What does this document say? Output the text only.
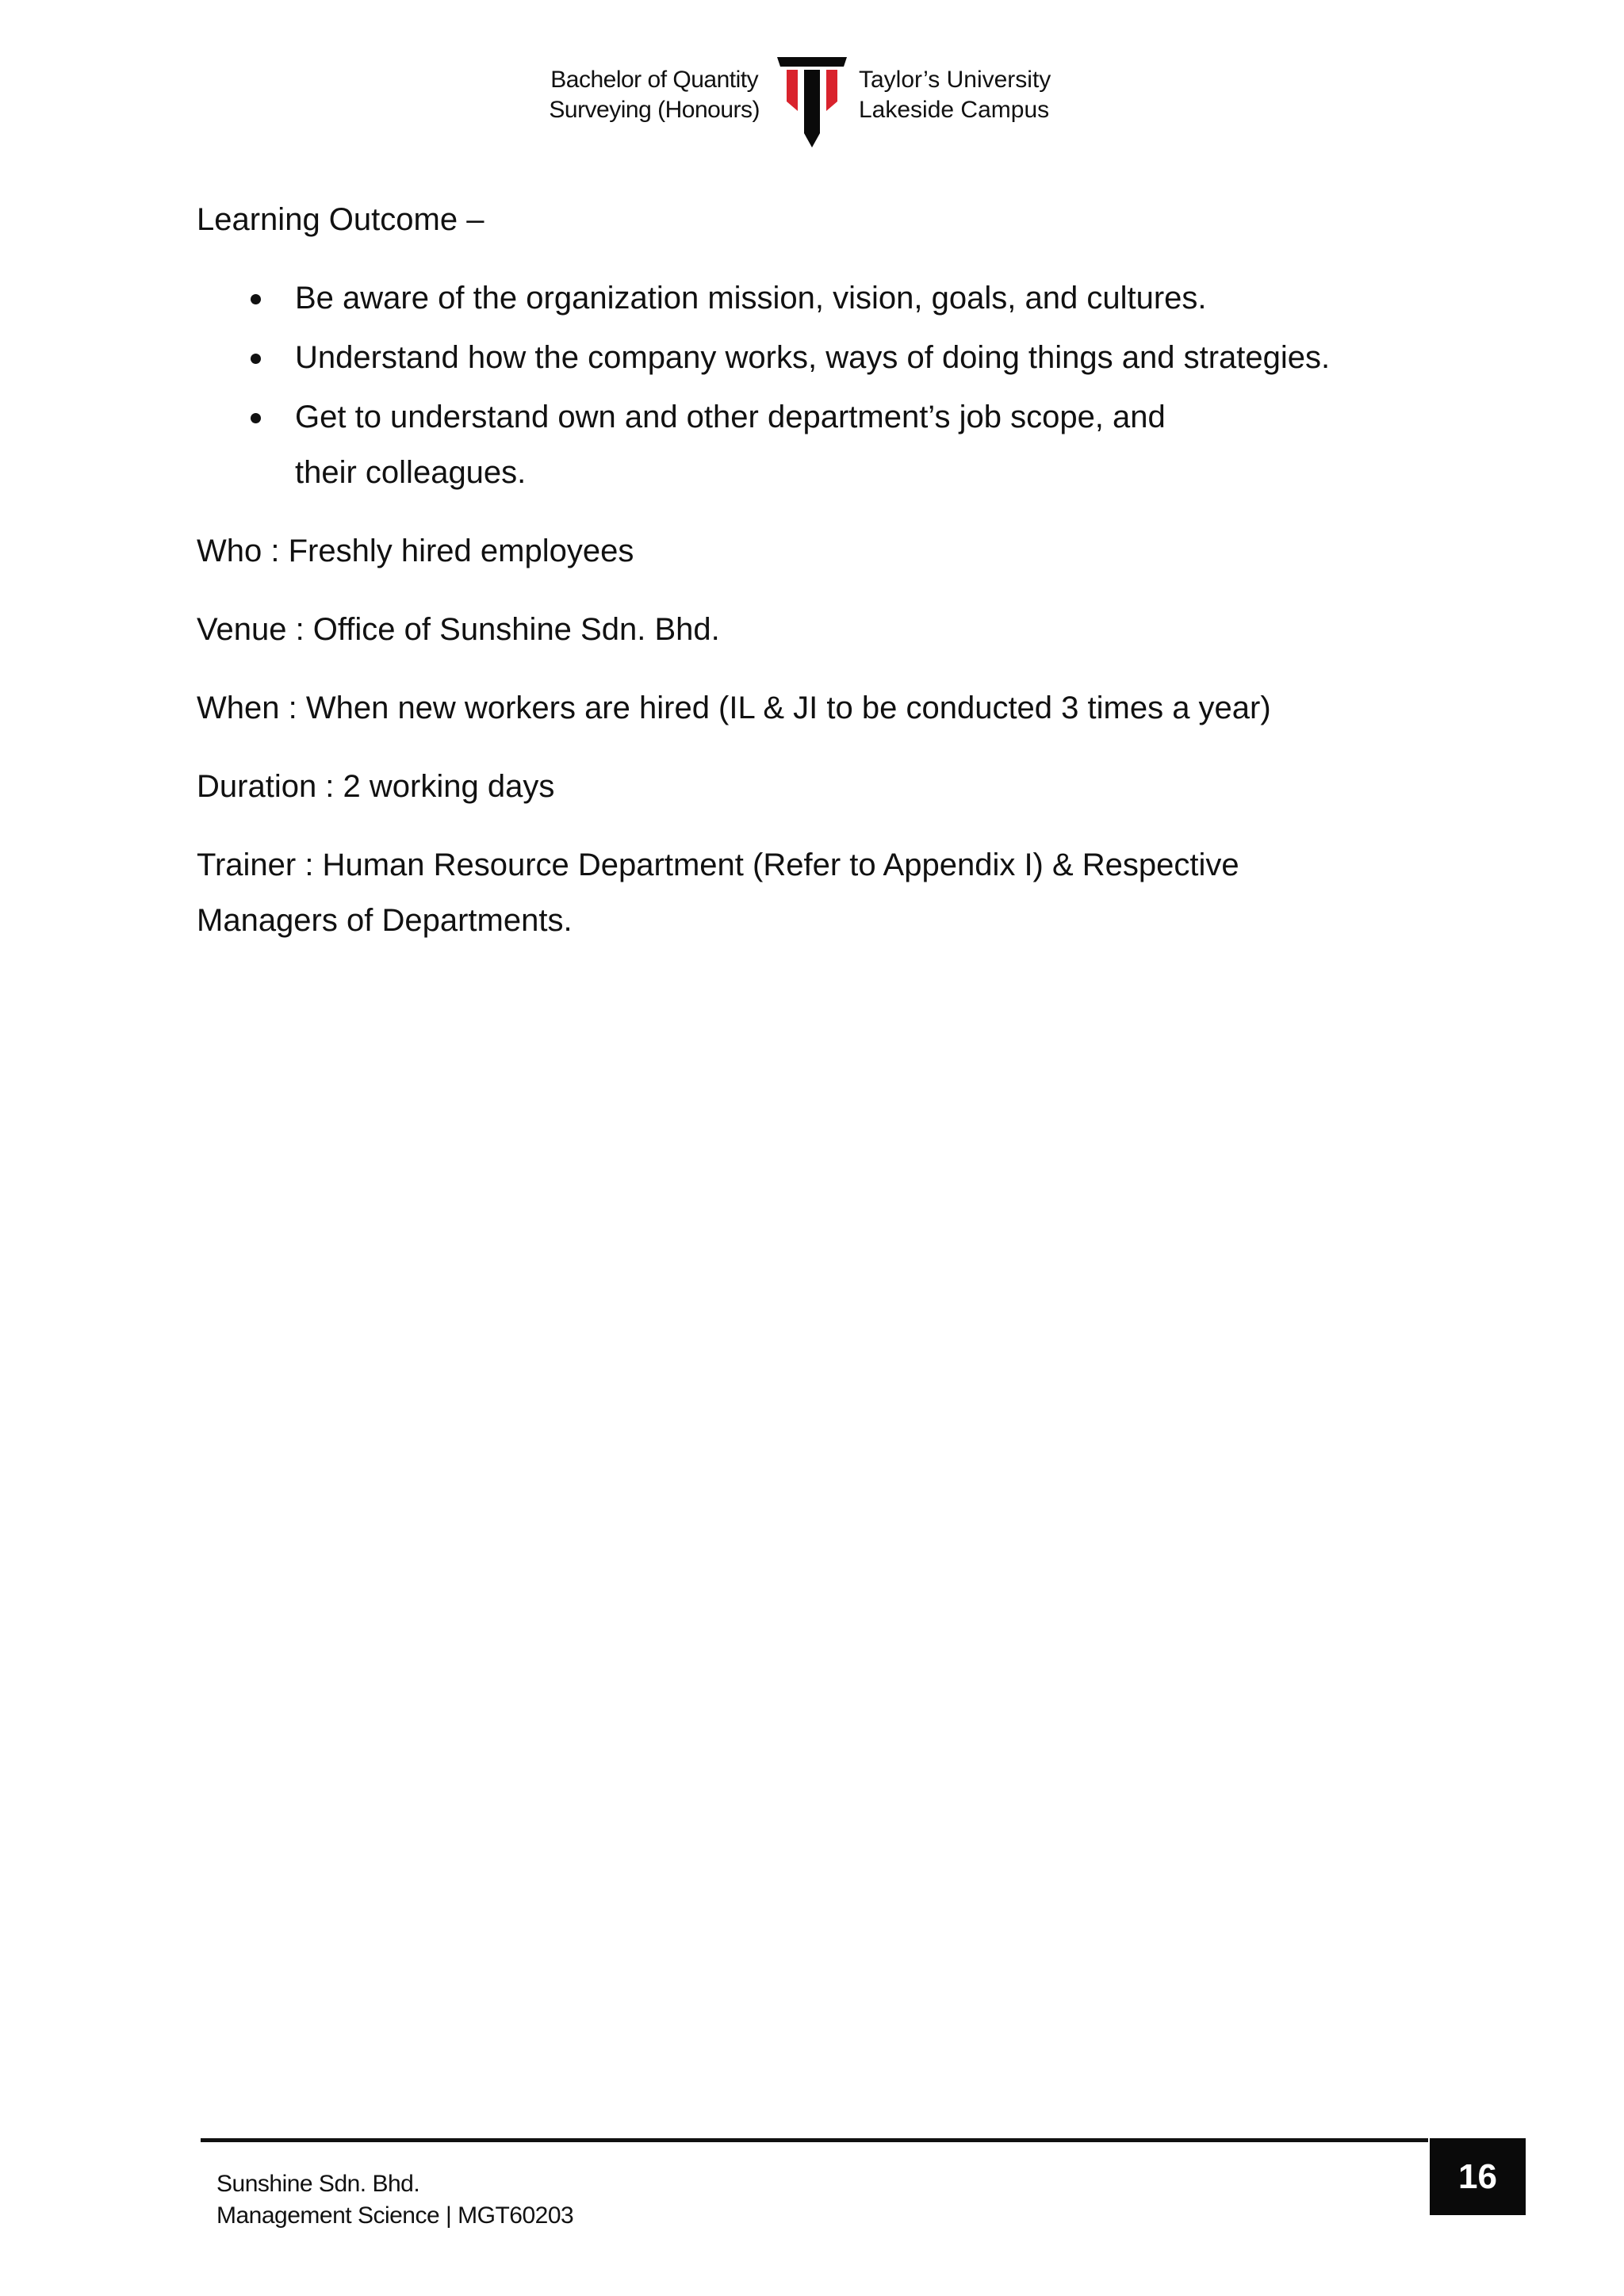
Bachelor of Quantity
Surveying (Honours)
Taylor’s University
Lakeside Campus

Learning Outcome –

Be aware of the organization mission, vision, goals, and cultures.
Understand how the company works, ways of doing things and strategies.
Get to understand own and other department’s job scope, and their colleagues.

Who : Freshly hired employees

Venue : Office of Sunshine Sdn. Bhd.

When : When new workers are hired (IL & JI to be conducted 3 times a year)

Duration : 2 working days

Trainer : Human Resource Department (Refer to Appendix I) & Respective Managers of Departments.

Sunshine Sdn. Bhd.
Management Science | MGT60203
16
